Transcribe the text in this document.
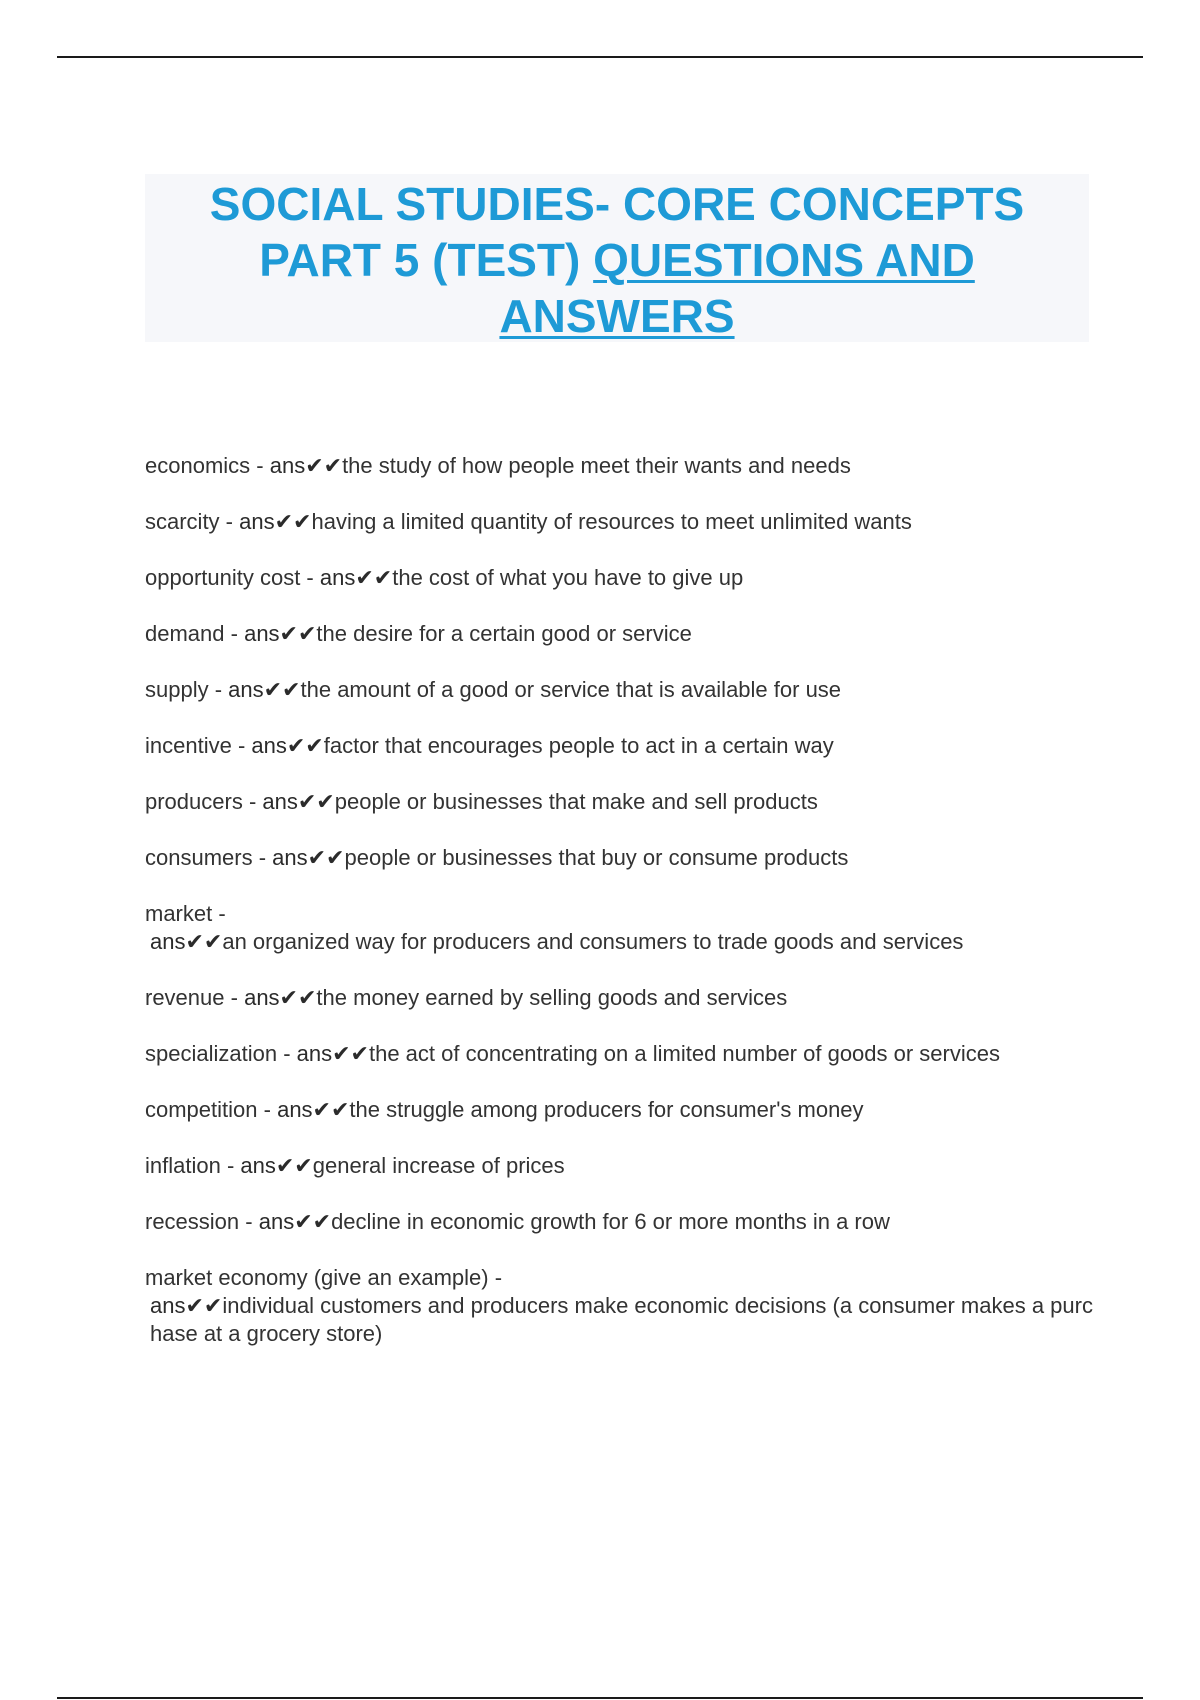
SOCIAL STUDIES- CORE CONCEPTS
PART 5 (TEST) QUESTIONS AND
ANSWERS
economics - ans✔✔the study of how people meet their wants and needs
scarcity - ans✔✔having a limited quantity of resources to meet unlimited wants
opportunity cost - ans✔✔the cost of what you have to give up
demand - ans✔✔the desire for a certain good or service
supply - ans✔✔the amount of a good or service that is available for use
incentive - ans✔✔factor that encourages people to act in a certain way
producers - ans✔✔people or businesses that make and sell products
consumers - ans✔✔people or businesses that buy or consume products
market -
ans✔✔an organized way for producers and consumers to trade goods and services
revenue - ans✔✔the money earned by selling goods and services
specialization - ans✔✔the act of concentrating on a limited number of goods or services
competition - ans✔✔the struggle among producers for consumer's money
inflation - ans✔✔general increase of prices
recession - ans✔✔decline in economic growth for 6 or more months in a row
market economy (give an example) -
ans✔✔individual customers and producers make economic decisions (a consumer makes a purchase at a grocery store)
